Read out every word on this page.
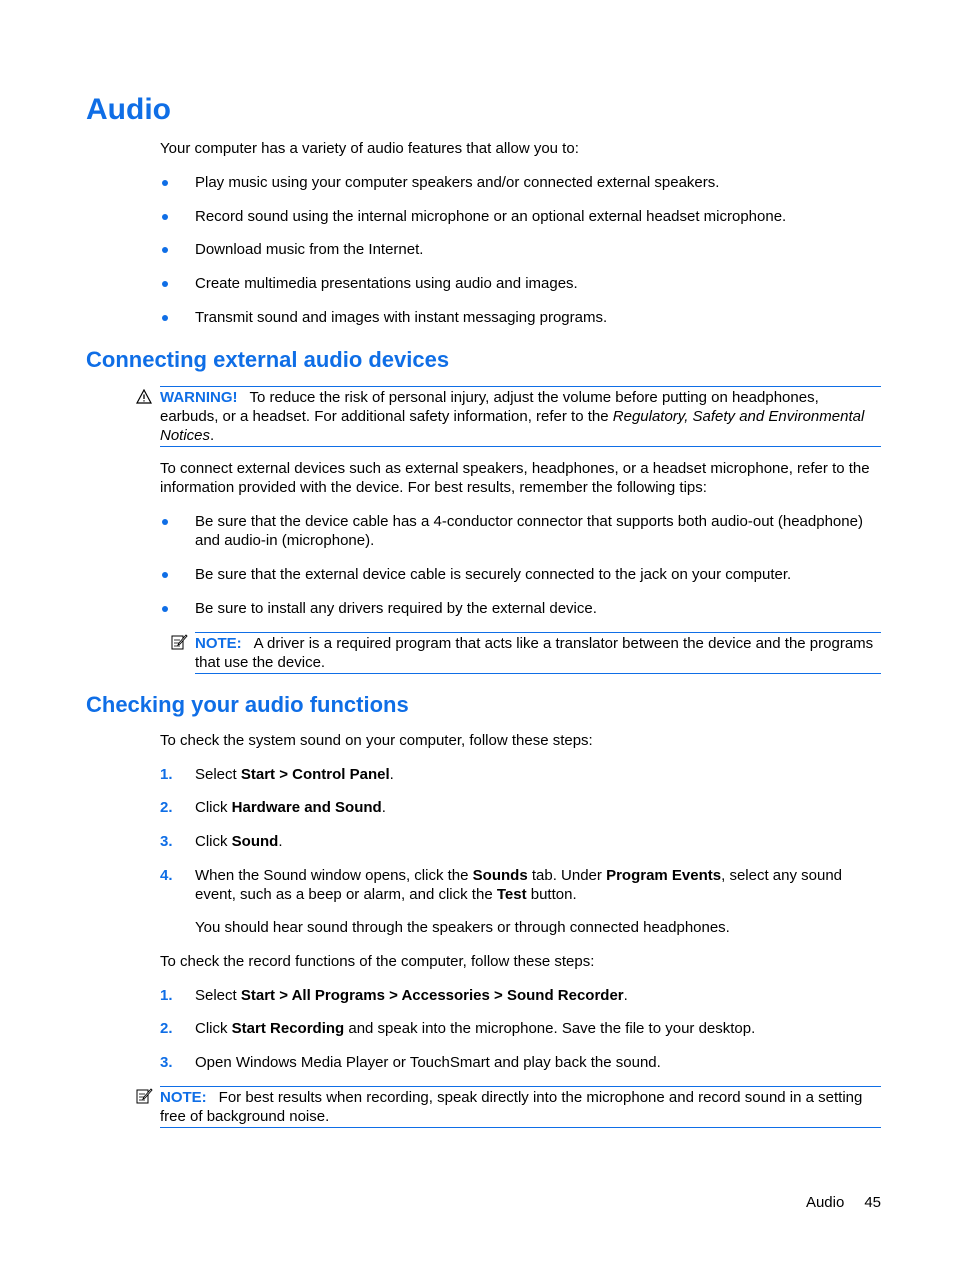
Audio

Your computer has a variety of audio features that allow you to:

Play music using your computer speakers and/or connected external speakers.
Record sound using the internal microphone or an optional external headset microphone.
Download music from the Internet.
Create multimedia presentations using audio and images.
Transmit sound and images with instant messaging programs.
Connecting external audio devices
WARNING! To reduce the risk of personal injury, adjust the volume before putting on headphones, earbuds, or a headset. For additional safety information, refer to the Regulatory, Safety and Environmental Notices.

To connect external devices such as external speakers, headphones, or a headset microphone, refer to the information provided with the device. For best results, remember the following tips:

Be sure that the device cable has a 4-conductor connector that supports both audio-out (headphone) and audio-in (microphone).
Be sure that the external device cable is securely connected to the jack on your computer.
Be sure to install any drivers required by the external device.
NOTE: A driver is a required program that acts like a translator between the device and the programs that use the device.
Checking your audio functions

To check the system sound on your computer, follow these steps:

1. Select Start > Control Panel.
2. Click Hardware and Sound.
3. Click Sound.
4. When the Sound window opens, click the Sounds tab. Under Program Events, select any sound event, such as a beep or alarm, and click the Test button.

You should hear sound through the speakers or through connected headphones.

To check the record functions of the computer, follow these steps:

1. Select Start > All Programs > Accessories > Sound Recorder.
2. Click Start Recording and speak into the microphone. Save the file to your desktop.
3. Open Windows Media Player or TouchSmart and play back the sound.
NOTE: For best results when recording, speak directly into the microphone and record sound in a setting free of background noise.
Audio 45
